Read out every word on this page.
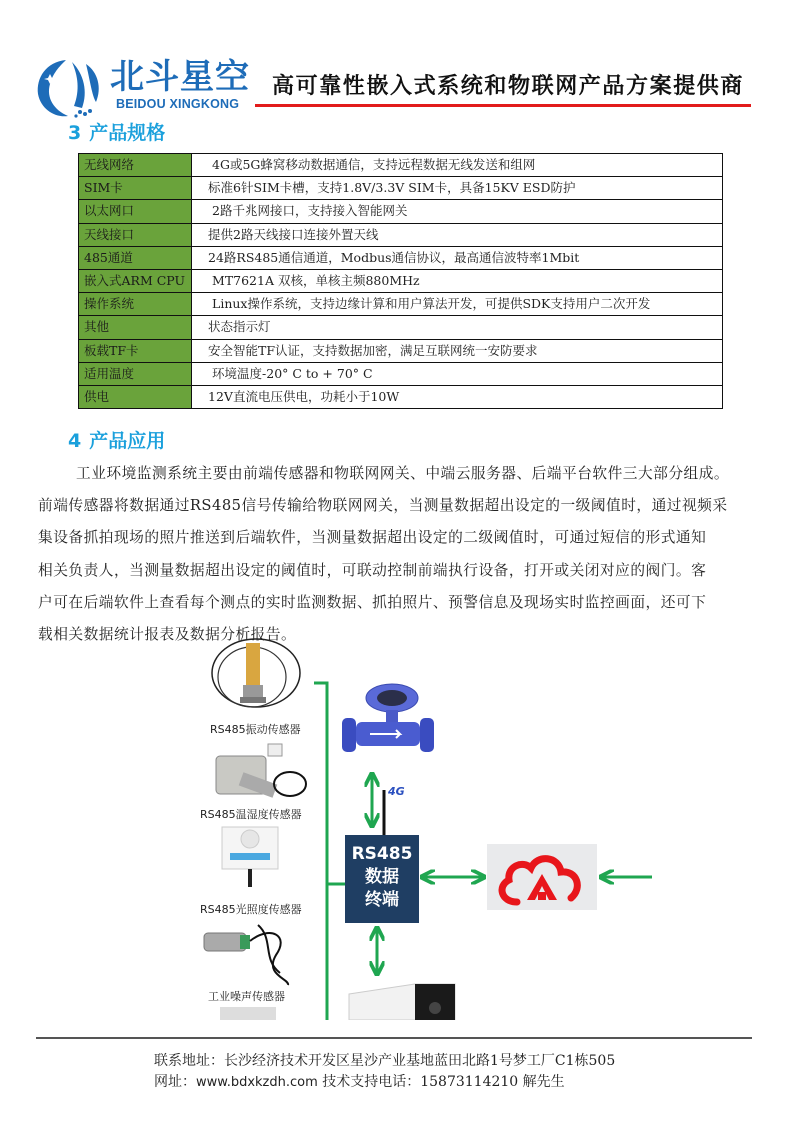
北斗星空
BEIDOU XINGKONG
高可靠性嵌入式系统和物联网产品方案提供商
3 产品规格
无线网络	4G或5G蜂窝移动数据通信，支持远程数据无线发送和组网
SIM卡	标准6针SIM卡槽，支持1.8V/3.3V SIM卡，具备15KV ESD防护
以太网口	2路千兆网接口，支持接入智能网关
天线接口	提供2路天线接口连接外置天线
485通道	24路RS485通信通道，Modbus通信协议，最高通信波特率1Mbit
嵌入式ARM CPU	MT7621A 双核，单核主频880MHz
操作系统	Linux操作系统，支持边缘计算和用户算法开发，可提供SDK支持用户二次开发
其他	状态指示灯
板载TF卡	安全智能TF认证，支持数据加密，满足互联网统一安防要求
适用温度	环境温度-20° C to + 70° C
供电	12V直流电压供电，功耗小于10W
4 产品应用

工业环境监测系统主要由前端传感器和物联网网关、中端云服务器、后端平台软件三大部分组成。

前端传感器将数据通过RS485信号传输给物联网网关，当测量数据超出设定的一级阈值时，通过视频采

集设备抓拍现场的照片推送到后端软件，当测量数据超出设定的二级阈值时，可通过短信的形式通知

相关负责人，当测量数据超出设定的阈值时，可联动控制前端执行设备，打开或关闭对应的阀门。客

户可在后端软件上查看每个测点的实时监测数据、抓拍照片、预警信息及现场实时监控画面，还可下

载相关数据统计报表及数据分析报告。

RS485振动传感器
RS485温湿度传感器
RS485光照度传感器
工业噪声传感器
4G
RS485
数据
终端
联系地址：长沙经济技术开发区星沙产业基地蓝田北路1号梦工厂C1栋505
网址：www.bdxkzdh.com 技术支持电话：15873114210 解先生
